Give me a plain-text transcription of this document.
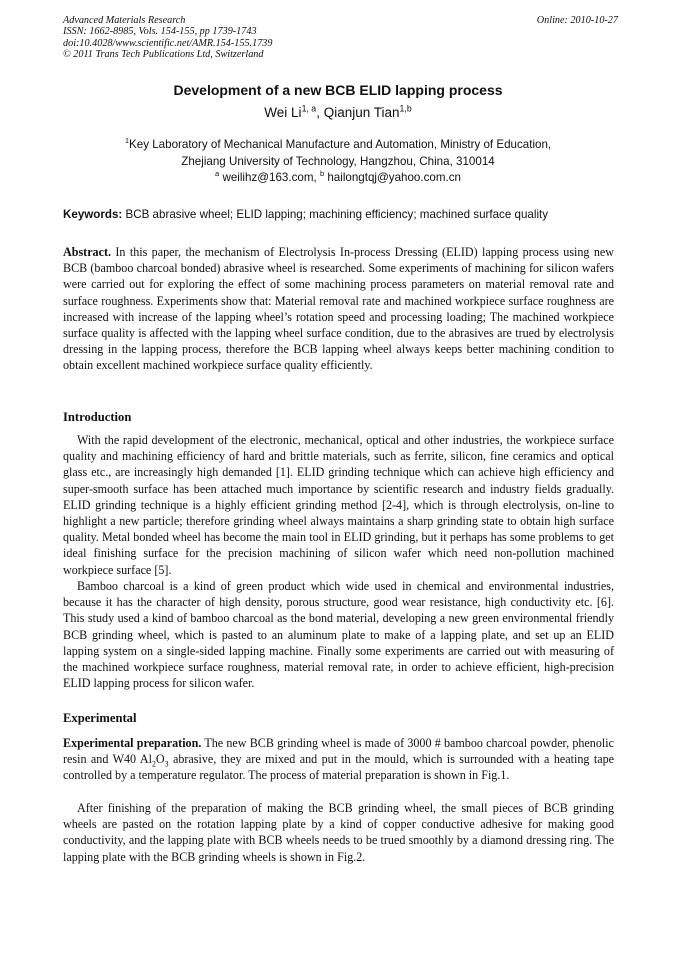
Advanced Materials Research
ISSN: 1662-8985, Vols. 154-155, pp 1739-1743
doi:10.4028/www.scientific.net/AMR.154-155.1739
© 2011 Trans Tech Publications Ltd, Switzerland
Online: 2010-10-27
Development of a new BCB ELID lapping process
Wei Li$^{1, a}$, Qianjun Tian$^{1,b}$
$^1$Key Laboratory of Mechanical Manufacture and Automation, Ministry of Education,
Zhejiang University of Technology, Hangzhou, China, 310014
$^a$ weilihz@163.com, $^b$ hailongtqj@yahoo.com.cn
Keywords: BCB abrasive wheel; ELID lapping; machining efficiency; machined surface quality
Abstract. In this paper, the mechanism of Electrolysis In-process Dressing (ELID) lapping process using new BCB (bamboo charcoal bonded) abrasive wheel is researched. Some experiments of machining for silicon wafers were carried out for exploring the effect of some machining process parameters on material removal rate and surface roughness. Experiments show that: Material removal rate and machined workpiece surface roughness are increased with increase of the lapping wheel’s rotation speed and processing loading; The machined workpiece surface quality is affected with the lapping wheel surface condition, due to the abrasives are trued by electrolysis dressing in the lapping process, therefore the BCB lapping wheel always keeps better machining condition to obtain excellent machined workpiece surface quality efficiently.
Introduction
With the rapid development of the electronic, mechanical, optical and other industries, the workpiece surface quality and machining efficiency of hard and brittle materials, such as ferrite, silicon, fine ceramics and optical glass etc., are increasingly high demanded [1]. ELID grinding technique which can achieve high efficiency and super-smooth surface has been attached much importance by scientific research and industry fields gradually. ELID grinding technique is a highly efficient grinding method [2-4], which is through electrolysis, on-line to highlight a new particle; therefore grinding wheel always maintains a sharp grinding state to obtain high surface quality. Metal bonded wheel has become the main tool in ELID grinding, but it perhaps has some problems to get ideal finishing surface for the precision machining of silicon wafer which need non-pollution machined workpiece surface [5].
Bamboo charcoal is a kind of green product which wide used in chemical and environmental industries, because it has the character of high density, porous structure, good wear resistance, high conductivity etc. [6]. This study used a kind of bamboo charcoal as the bond material, developing a new green environmental friendly BCB grinding wheel, which is pasted to an aluminum plate to make of a lapping plate, and set up an ELID lapping system on a single-sided lapping machine. Finally some experiments are carried out with measuring of the machined workpiece surface roughness, material removal rate, in order to achieve efficient, high-precision ELID lapping process for silicon wafer.
Experimental
Experimental preparation. The new BCB grinding wheel is made of 3000 # bamboo charcoal powder, phenolic resin and W40 $Al_2O_3$ abrasive, they are mixed and put in the mould, which is surrounded with a heating tape controlled by a temperature regulator. The process of material preparation is shown in Fig.1.
After finishing of the preparation of making the BCB grinding wheel, the small pieces of BCB grinding wheels are pasted on the rotation lapping plate by a kind of copper conductive adhesive for making good conductivity, and the lapping plate with BCB wheels needs to be trued smoothly by a diamond dressing ring. The lapping plate with the BCB grinding wheels is shown in Fig.2.
